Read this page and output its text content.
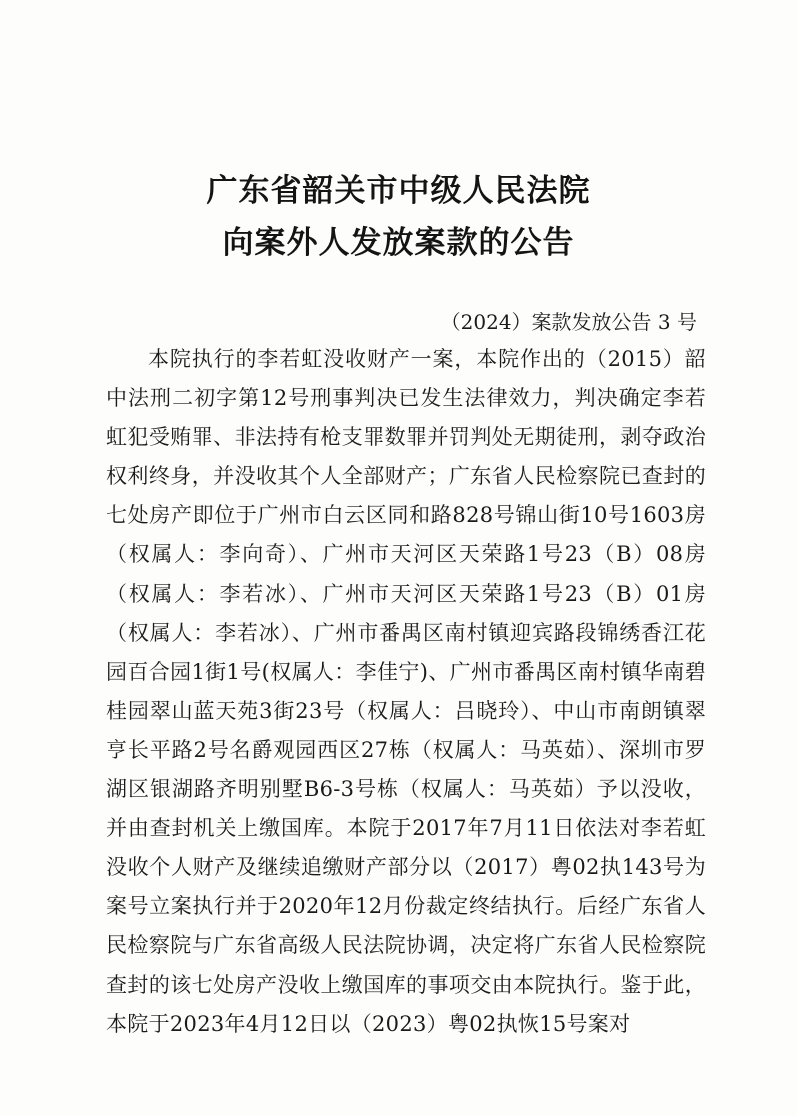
广东省韶关市中级人民法院
向案外人发放案款的公告

（2024）案款发放公告 3 号

本院执行的李若虹没收财产一案，本院作出的（2015）韶中法刑二初字第12号刑事判决已发生法律效力，判决确定李若虹犯受贿罪、非法持有枪支罪数罪并罚判处无期徒刑，剥夺政治权利终身，并没收其个人全部财产；广东省人民检察院已查封的七处房产即位于广州市白云区同和路828号锦山街10号1603房（权属人：李向奇）、广州市天河区天荣路1号23（B）08房（权属人：李若冰）、广州市天河区天荣路1号23（B）01房（权属人：李若冰）、广州市番禺区南村镇迎宾路段锦绣香江花园百合园1街1号(权属人：李佳宁)、广州市番禺区南村镇华南碧桂园翠山蓝天苑3街23号（权属人：吕晓玲）、中山市南朗镇翠亨长平路2号名爵观园西区27栋（权属人：马英茹）、深圳市罗湖区银湖路齐明别墅B6-3号栋（权属人：马英茹）予以没收，并由查封机关上缴国库。本院于2017年7月11日依法对李若虹没收个人财产及继续追缴财产部分以（2017）粤02执143号为案号立案执行并于2020年12月份裁定终结执行。后经广东省人民检察院与广东省高级人民法院协调，决定将广东省人民检察院查封的该七处房产没收上缴国库的事项交由本院执行。鉴于此，本院于2023年4月12日以（2023）粤02执恢15号案对
